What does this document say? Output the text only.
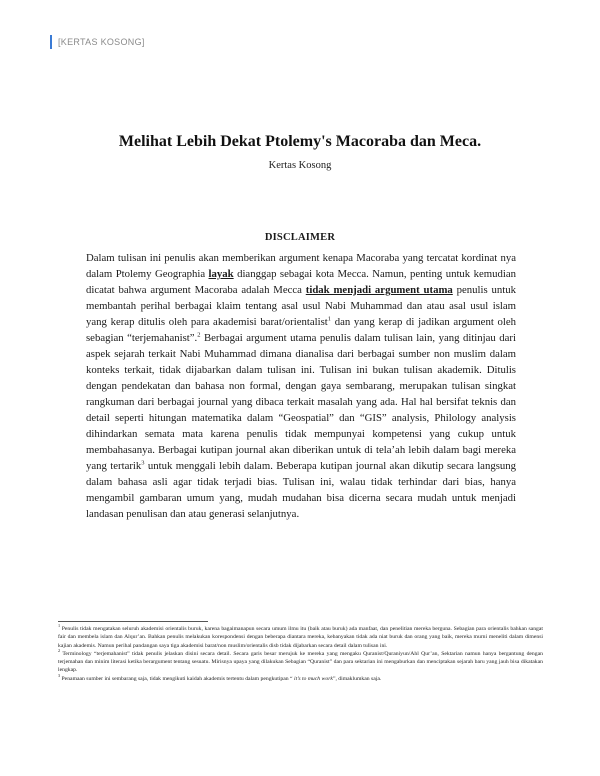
[KERTAS KOSONG]
Melihat Lebih Dekat Ptolemy's Macoraba dan Meca.
Kertas Kosong
DISCLAIMER

Dalam tulisan ini penulis akan memberikan argument kenapa Macoraba yang tercatat kordinat nya dalam Ptolemy Geographia layak dianggap sebagai kota Mecca. Namun, penting untuk kemudian dicatat bahwa argument Macoraba adalah Mecca tidak menjadi argument utama penulis untuk membantah perihal berbagai klaim tentang asal usul Nabi Muhammad dan atau asal usul islam yang kerap ditulis oleh para akademisi barat/orientalist$^1$ dan yang kerap di jadikan argument oleh sebagian “terjemahanist”.$^2$ Berbagai argument utama penulis dalam tulisan lain, yang ditinjau dari aspek sejarah terkait Nabi Muhammad dimana dianalisa dari berbagai sumber non muslim dalam konteks terkait, tidak dijabarkan dalam tulisan ini. Tulisan ini bukan tulisan akademik. Ditulis dengan pendekatan dan bahasa non formal, dengan gaya sembarang, merupakan tulisan singkat rangkuman dari berbagai journal yang dibaca terkait masalah yang ada. Hal hal bersifat teknis dan detail seperti hitungan matematika dalam “Geospatial” dan “GIS” analysis, Philology analysis dihindarkan semata mata karena penulis tidak mempunyai kompetensi yang cukup untuk membahasanya. Berbagai kutipan journal akan diberikan untuk di tela’ah lebih dalam bagi mereka yang tertarik$^3$ untuk menggali lebih dalam. Beberapa kutipan journal akan dikutip secara langsung dalam bahasa asli agar tidak terjadi bias. Tulisan ini, walau tidak terhindar dari bias, hanya mengambil gambaran umum yang, mudah mudahan bisa dicerna secara mudah untuk menjadi landasan penulisan dan atau generasi selanjutnya.

$^1$ Penulis tidak mengatakan seluruh akademisi orientalis buruk, karena bagaimanapun secara umum ilmu itu (baik atau buruk) ada manfaat, dan penelitian mereka berguna. Sebagian para orientalis bahkan sangat fair dan membela islam dan Alqur’an. Bahkan penulis melakukan korespondensi dengan beberapa diantara mereka, kebanyakan tidak ada niat buruk dan orang yang baik, mereka murni meneliti dalam dimensi kajian akademis. Namun perihal pandangan saya tiga akademisi barat/non muslim/orientalis disb tidak dijabarkan secara detail dalam tulisan ini.

$^2$ Terminology “terjemahanist” tidak penulis jelaskan disini secara detail. Secara garis besar merujuk ke mereka yang mengaku Quranist/Quraniyun/Ahl Qur’an, Sektarian namun hanya bergantung dengan terjemahan dan minim literasi ketika berargument tentang sesuatu. Mirisnya upaya yang dilakukan Sebagian “Quranist” dan para sektarian ini mengaburkan dan menciptakan sejarah baru yang jauh bisa dikatakan lengkap.

$^3$ Penamaan sumber ini sembarang saja, tidak mengikuti kaidah akademis tertentu dalam pengkutipan “ it’s to much work”, dimaklumkan saja.
